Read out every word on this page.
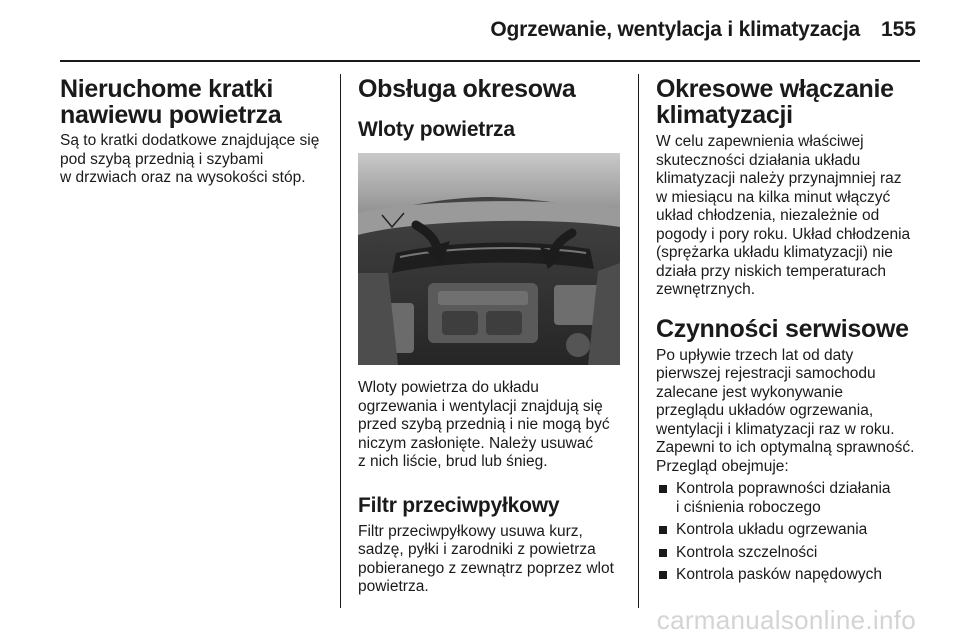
Ogrzewanie, wentylacja i klimatyzacja 155
Nieruchome kratki
nawiewu powietrza
Są to kratki dodatkowe znajdujące się
pod szybą przednią i szybami
w drzwiach oraz na wysokości stóp.
Obsługa okresowa
Wloty powietrza
Wloty powietrza do układu
ogrzewania i wentylacji znajdują się
przed szybą przednią i nie mogą być
niczym zasłonięte. Należy usuwać
z nich liście, brud lub śnieg.
Filtr przeciwpyłkowy
Filtr przeciwpyłkowy usuwa kurz,
sadzę, pyłki i zarodniki z powietrza
pobieranego z zewnątrz poprzez wlot
powietrza.
Okresowe włączanie
klimatyzacji
W celu zapewnienia właściwej
skuteczności działania układu
klimatyzacji należy przynajmniej raz
w miesiącu na kilka minut włączyć
układ chłodzenia, niezależnie od
pogody i pory roku. Układ chłodzenia
(sprężarka układu klimatyzacji) nie
działa przy niskich temperaturach
zewnętrznych.
Czynności serwisowe
Po upływie trzech lat od daty
pierwszej rejestracji samochodu
zalecane jest wykonywanie
przeglądu układów ogrzewania,
wentylacji i klimatyzacji raz w roku.
Zapewni to ich optymalną sprawność.
Przegląd obejmuje:
Kontrola poprawności działania
i ciśnienia roboczego
Kontrola układu ogrzewania
Kontrola szczelności
Kontrola pasków napędowych
carmanualsonline.info
